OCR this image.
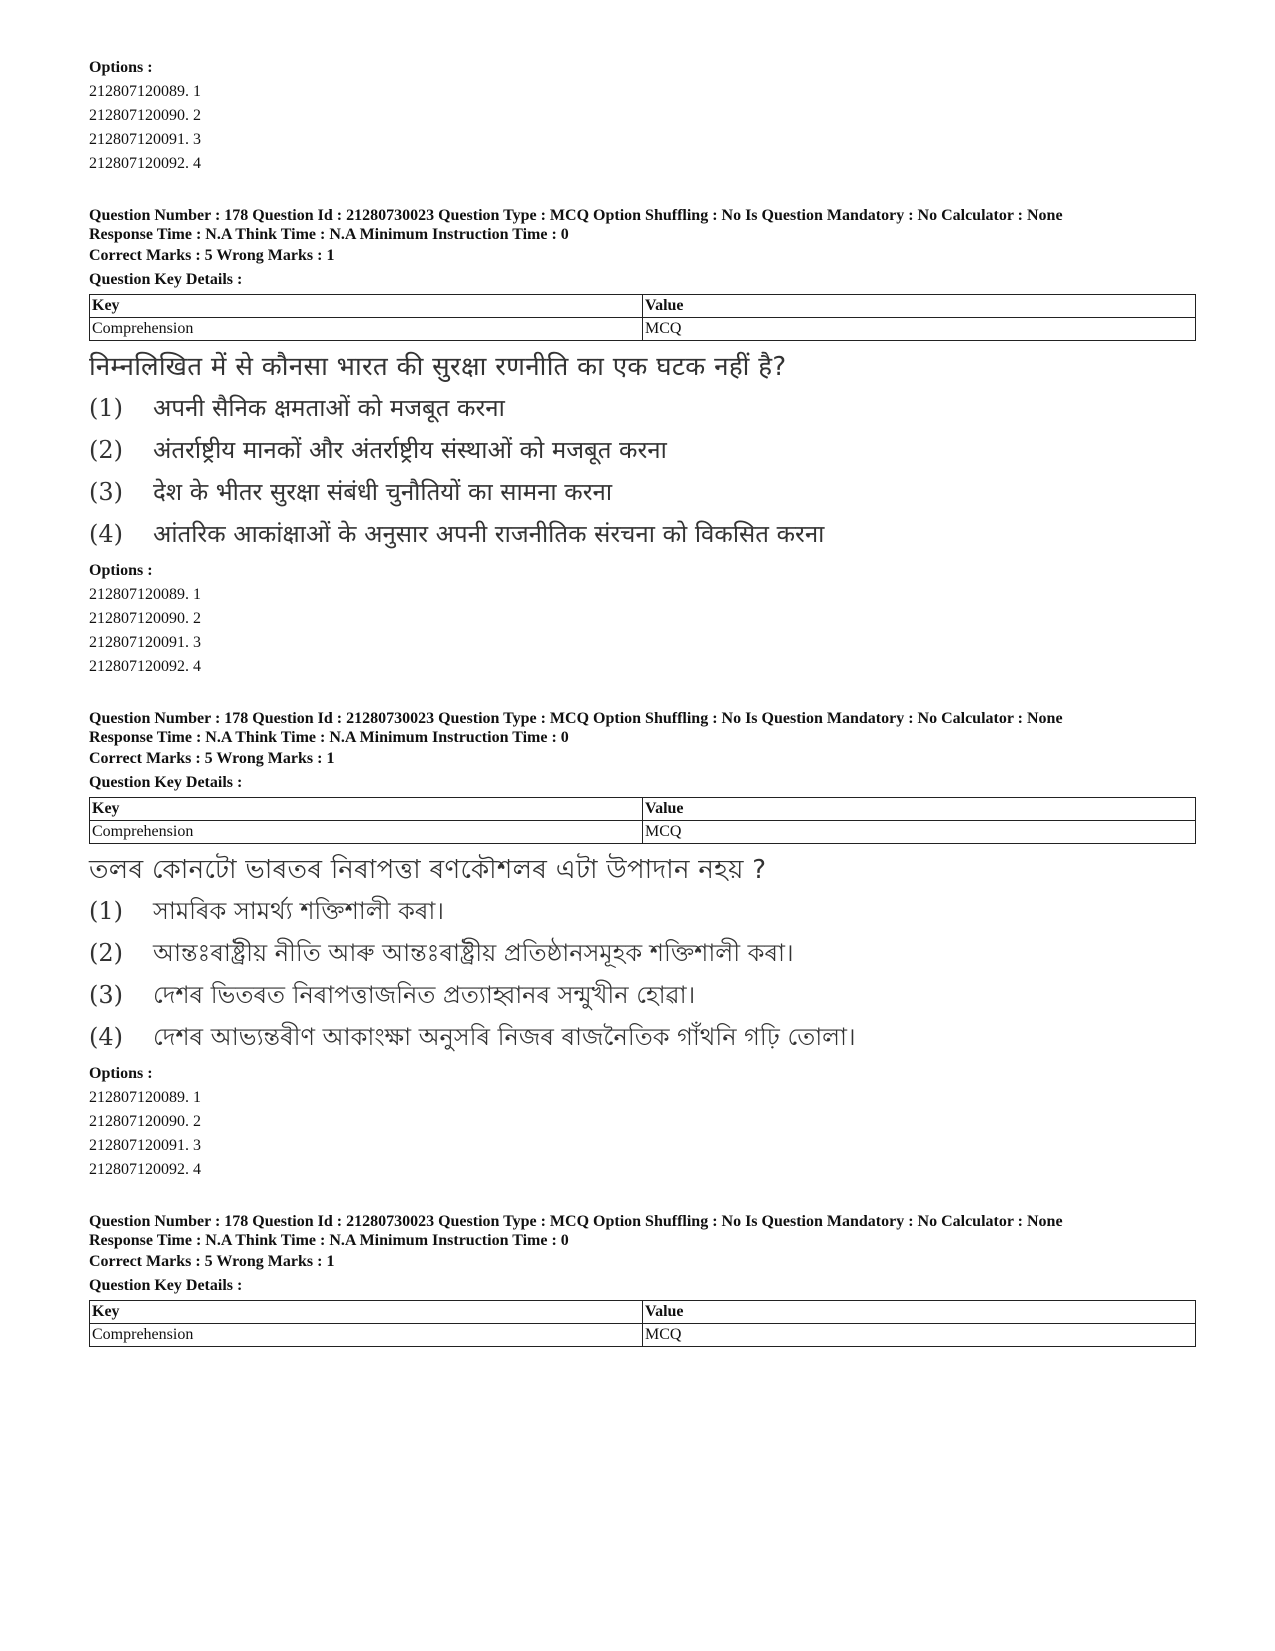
Options :
212807120089. 1
212807120090. 2
212807120091. 3
212807120092. 4
Question Number : 178 Question Id : 21280730023 Question Type : MCQ Option Shuffling : No Is Question Mandatory : No Calculator : None
Response Time : N.A Think Time : N.A Minimum Instruction Time : 0
Correct Marks : 5 Wrong Marks : 1
Question Key Details :
Key	Value
Comprehension	MCQ
निम्नलिखित में से कौनसा भारत की सुरक्षा रणनीति का एक घटक नहीं है?
(1)	अपनी सैनिक क्षमताओं को मजबूत करना
(2)	अंतर्राष्ट्रीय मानकों और अंतर्राष्ट्रीय संस्थाओं को मजबूत करना
(3)	देश के भीतर सुरक्षा संबंधी चुनौतियों का सामना करना
(4)	आंतरिक आकांक्षाओं के अनुसार अपनी राजनीतिक संरचना को विकसित करना
Options :
212807120089. 1
212807120090. 2
212807120091. 3
212807120092. 4
Question Number : 178 Question Id : 21280730023 Question Type : MCQ Option Shuffling : No Is Question Mandatory : No Calculator : None
Response Time : N.A Think Time : N.A Minimum Instruction Time : 0
Correct Marks : 5 Wrong Marks : 1
Question Key Details :
Key	Value
Comprehension	MCQ
তলৰ কোনটো ভাৰতৰ নিৰাপত্তা ৰণকৌশলৰ এটা উপাদান নহয় ?
(1)	সামৰিক সামৰ্থ্য শক্তিশালী কৰা।
(2)	আন্তঃৰাষ্ট্ৰীয় নীতি আৰু আন্তঃৰাষ্ট্ৰীয় প্ৰতিষ্ঠানসমূহক শক্তিশালী কৰা।
(3)	দেশৰ ভিতৰত নিৰাপত্তাজনিত প্ৰত্যাহ্বানৰ সন্মুখীন হোৱা।
(4)	দেশৰ আভ্যন্তৰীণ আকাংক্ষা অনুসৰি নিজৰ ৰাজনৈতিক গাঁথনি গঢ়ি তোলা।
Options :
212807120089. 1
212807120090. 2
212807120091. 3
212807120092. 4
Question Number : 178 Question Id : 21280730023 Question Type : MCQ Option Shuffling : No Is Question Mandatory : No Calculator : None
Response Time : N.A Think Time : N.A Minimum Instruction Time : 0
Correct Marks : 5 Wrong Marks : 1
Question Key Details :
Key	Value
Comprehension	MCQ
